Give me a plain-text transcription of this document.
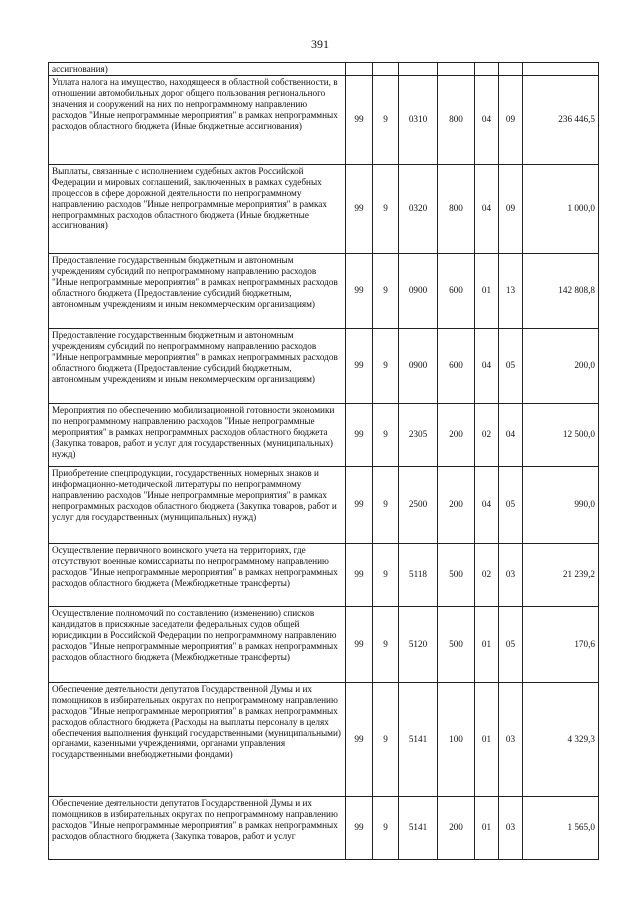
391
ассигнования)							
Уплата налога на имущество, находящееся в областной собственности, в отношении автомобильных дорог общего пользования регионального значения и сооружений на них по непрограммному направлению расходов "Иные непрограммные мероприятия" в рамках непрограммных расходов областного бюджета (Иные бюджетные ассигнования)	99	9	0310	800	04	09	236 446,5
Выплаты, связанные с исполнением судебных актов Российской Федерации и мировых соглашений, заключенных в рамках судебных процессов в сфере дорожной деятельности по непрограммному направлению расходов "Иные непрограммные мероприятия" в рамках непрограммных расходов областного бюджета (Иные бюджетные ассигнования)	99	9	0320	800	04	09	1 000,0
Предоставление государственным бюджетным и автономным учреждениям субсидий по непрограммному направлению расходов "Иные непрограммные мероприятия" в рамках непрограммных расходов областного бюджета (Предоставление субсидий бюджетным, автономным учреждениям и иным некоммерческим организациям)	99	9	0900	600	01	13	142 808,8
Предоставление государственным бюджетным и автономным учреждениям субсидий по непрограммному направлению расходов "Иные непрограммные мероприятия" в рамках непрограммных расходов областного бюджета (Предоставление субсидий бюджетным, автономным учреждениям и иным некоммерческим организациям)	99	9	0900	600	04	05	200,0
Мероприятия по обеспечению мобилизационной готовности экономики по непрограммному направлению расходов "Иные непрограммные мероприятия" в рамках непрограммных расходов областного бюджета (Закупка товаров, работ и услуг для государственных (муниципальных) нужд)	99	9	2305	200	02	04	12 500,0
Приобретение спецпродукции, государственных номерных знаков и информационно-методической литературы по непрограммному направлению расходов "Иные непрограммные мероприятия" в рамках непрограммных расходов областного бюджета (Закупка товаров, работ и услуг для государственных (муниципальных) нужд)	99	9	2500	200	04	05	990,0
Осуществление первичного воинского учета на территориях, где отсутствуют военные комиссариаты по непрограммному направлению расходов "Иные непрограммные мероприятия" в рамках непрограммных расходов областного бюджета (Межбюджетные трансферты)	99	9	5118	500	02	03	21 239,2
Осуществление полномочий по составлению (изменению) списков кандидатов в присяжные заседатели федеральных судов общей юрисдикции в Российской Федерации по непрограммному направлению расходов "Иные непрограммные мероприятия" в рамках непрограммных расходов областного бюджета (Межбюджетные трансферты)	99	9	5120	500	01	05	170,6
Обеспечение деятельности депутатов Государственной Думы и их помощников в избирательных округах по непрограммному направлению расходов "Иные непрограммные мероприятия" в рамках непрограммных расходов областного бюджета (Расходы на выплаты персоналу в целях обеспечения выполнения функций государственными (муниципальными) органами, казенными учреждениями, органами управления государственными внебюджетными фондами)	99	9	5141	100	01	03	4 329,3
Обеспечение деятельности депутатов Государственной Думы и их помощников в избирательных округах по непрограммному направлению расходов "Иные непрограммные мероприятия" в рамках непрограммных расходов областного бюджета (Закупка товаров, работ и услуг	99	9	5141	200	01	03	1 565,0
